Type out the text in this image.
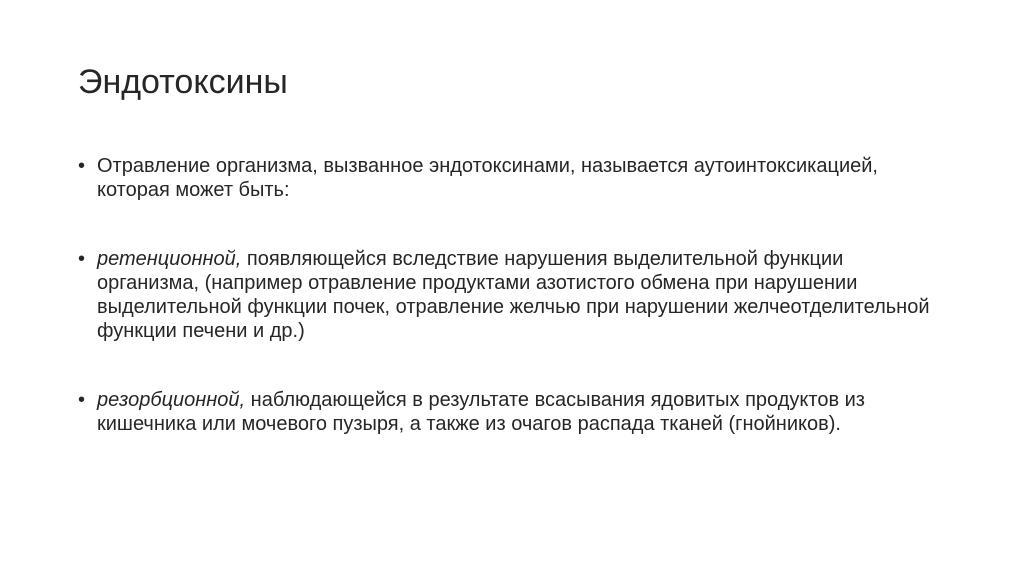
Эндотоксины

• Отравление организма, вызванное эндотоксинами, называется аутоинтоксикацией, которая может быть:

• ретенционной, появляющейся вследствие нарушения выделительной функции организма, (например отравление продуктами азотистого обмена при нарушении выделительной функции почек, отравление желчью при нарушении желчеотделительной функции печени и др.)

• резорбционной, наблюдающейся в результате всасывания ядовитых продуктов из кишечника или мочевого пузыря, а также из очагов распада тканей (гнойников).
